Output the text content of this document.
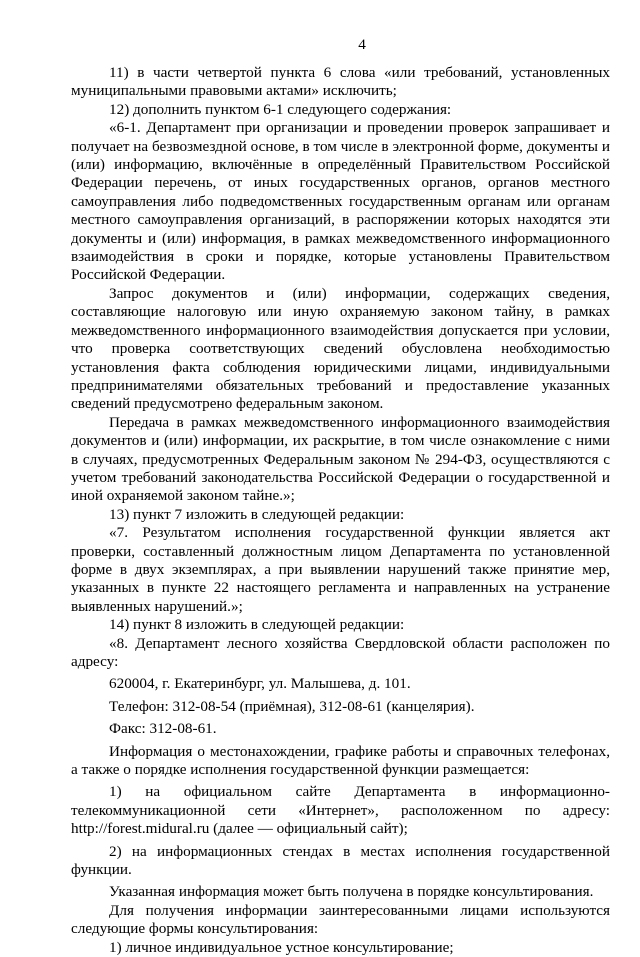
4

11) в части четвертой пункта 6 слова «или требований, установленных муниципальными правовыми актами» исключить;

12) дополнить пунктом 6-1 следующего содержания:

«6-1. Департамент при организации и проведении проверок запрашивает и получает на безвозмездной основе, в том числе в электронной форме, документы и (или) информацию, включённые в определённый Правительством Российской Федерации перечень, от иных государственных органов, органов местного самоуправления либо подведомственных государственным органам или органам местного самоуправления организаций, в распоряжении которых находятся эти документы и (или) информация, в рамках межведомственного информационного взаимодействия в сроки и порядке, которые установлены Правительством Российской Федерации.

Запрос документов и (или) информации, содержащих сведения, составляющие налоговую или иную охраняемую законом тайну, в рамках межведомственного информационного взаимодействия допускается при условии, что проверка соответствующих сведений обусловлена необходимостью установления факта соблюдения юридическими лицами, индивидуальными предпринимателями обязательных требований и предоставление указанных сведений предусмотрено федеральным законом.

Передача в рамках межведомственного информационного взаимодействия документов и (или) информации, их раскрытие, в том числе ознакомление с ними в случаях, предусмотренных Федеральным законом № 294-ФЗ, осуществляются с учетом требований законодательства Российской Федерации о государственной и иной охраняемой законом тайне.»;

13) пункт 7 изложить в следующей редакции:

«7. Результатом исполнения государственной функции является акт проверки, составленный должностным лицом Департамента по установленной форме в двух экземплярах, а при выявлении нарушений также принятие мер, указанных в пункте 22 настоящего регламента и направленных на устранение выявленных нарушений.»;

14) пункт 8 изложить в следующей редакции:

«8. Департамент лесного хозяйства Свердловской области расположен по адресу:

620004, г. Екатеринбург, ул. Малышева, д. 101.

Телефон: 312-08-54 (приёмная), 312-08-61 (канцелярия).

Факс: 312-08-61.

Информация о местонахождении, графике работы и справочных телефонах, а также о порядке исполнения государственной функции размещается:

1) на официальном сайте Департамента в информационно-телекоммуникационной сети «Интернет», расположенном по адресу: http://forest.midural.ru (далее — официальный сайт);

2) на информационных стендах в местах исполнения государственной функции.

Указанная информация может быть получена в порядке консультирования.

Для получения информации заинтересованными лицами используются следующие формы консультирования:

1) личное индивидуальное устное консультирование;
